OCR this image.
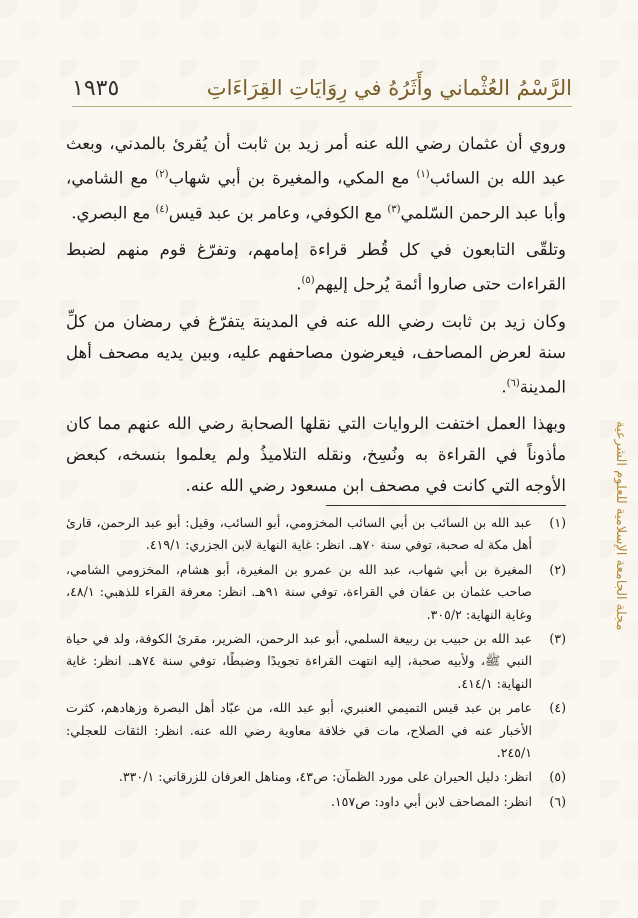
الرَّسْمُ العُثْماني وأَثَرُهُ في رِوَايَاتِ القِرَاءَاتِ
١٩٣٥
مجلة الجامعة الإسلامية للعلوم الشرعية

وروي أن عثمان رضي الله عنه أمر زيد بن ثابت أن يُقرئ بالمدني، وبعث عبد الله بن السائب$^{(١)}$ مع المكي، والمغيرة بن أبي شهاب$^{(٢)}$ مع الشامي، وأبا عبد الرحمن السّلمي$^{(٣)}$ مع الكوفي، وعامر بن عبد قيس$^{(٤)}$ مع البصري.

وتلقّى التابعون في كل قُطر قراءة إمامهم، وتفرّغ قوم منهم لضبط القراءات حتى صاروا أئمة يُرحل إليهم$^{(٥)}$.

وكان زيد بن ثابت رضي الله عنه في المدينة يتفرّغ في رمضان من كلِّ سنة لعرض المصاحف، فيعرضون مصاحفهم عليه، وبين يديه مصحف أهل المدينة$^{(٦)}$.

وبهذا العمل اختفت الروايات التي نقلها الصحابة رضي الله عنهم مما كان مأذوناً في القراءة به ونُسِخ، ونقله التلاميذُ ولم يعلموا بنسخه، كبعض الأوجه التي كانت في مصحف ابن مسعود رضي الله عنه.

(١)
عبد الله بن السائب بن أبي السائب المخزومي، أبو السائب، وقيل: أبو عبد الرحمن، قارئ أهل مكة له صحبة، توفي سنة ٧٠هـ. انظر: غاية النهاية لابن الجزري: ٤١٩/١.
(٢)
المغيرة بن أبي شهاب، عبد الله بن عمرو بن المغيرة، أبو هشام، المخزومي الشامي، صاحب عثمان بن عفان في القراءة، توفي سنة ٩١هـ. انظر: معرفة القراء للذهبي: ٤٨/١، وغاية النهاية: ٣٠٥/٢.
(٣)
عبد الله بن حبيب بن ربيعة السلمي، أبو عبد الرحمن، الضرير، مقرئ الكوفة، ولد في حياة النبي ﷺ، ولأبيه صحبة، إليه انتهت القراءة تجويدًا وضبطًا، توفي سنة ٧٤هـ. انظر: غاية النهاية: ٤١٤/١.
(٤)
عامر بن عبد قيس التميمي العنبري، أبو عبد الله، من عبّاد أهل البصرة وزهادهم، كثرت الأخبار عنه في الصلاح، مات في خلافة معاوية رضي الله عنه. انظر: الثقات للعجلي: ٢٤٥/١.
(٥)
انظر: دليل الحيران على مورد الظمآن: ص٤٣، ومناهل العرفان للزرقاني: ٣٣٠/١.
(٦)
انظر: المصاحف لابن أبي داود: ص١٥٧.
